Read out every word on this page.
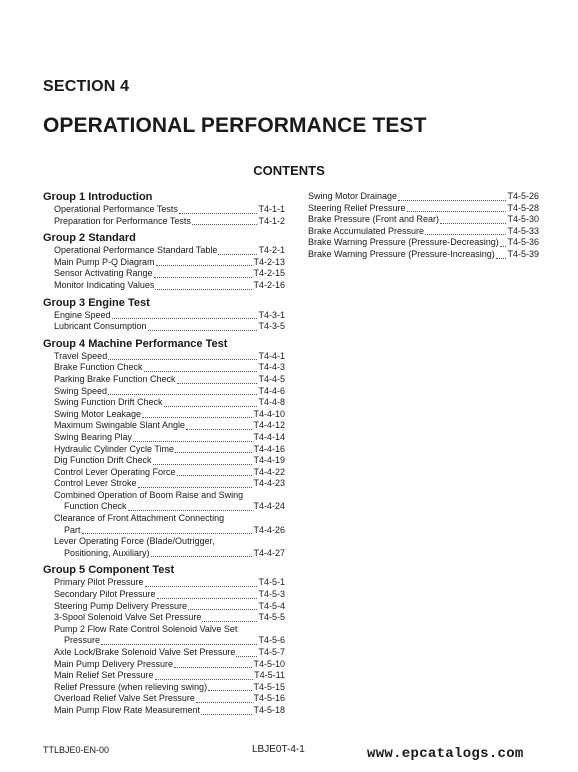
SECTION 4
OPERATIONAL PERFORMANCE TEST
CONTENTS
Group 1 Introduction
Operational Performance Tests	T4-1-1
Preparation for Performance Tests	T4-1-2
Group 2 Standard
Operational Performance Standard Table	T4-2-1
Main Pump P-Q Diagram	T4-2-13
Sensor Activating Range	T4-2-15
Monitor Indicating Values	T4-2-16
Group 3 Engine Test
Engine Speed	T4-3-1
Lubricant Consumption	T4-3-5
Group 4 Machine Performance Test
Travel Speed	T4-4-1
Brake Function Check	T4-4-3
Parking Brake Function Check	T4-4-5
Swing Speed	T4-4-6
Swing Function Drift Check	T4-4-8
Swing Motor Leakage	T4-4-10
Maximum Swingable Slant Angle	T4-4-12
Swing Bearing Play	T4-4-14
Hydraulic Cylinder Cycle Time	T4-4-16
Dig Function Drift Check	T4-4-19
Control Lever Operating Force	T4-4-22
Control Lever Stroke	T4-4-23
Combined Operation of Boom Raise and Swing
Function Check	T4-4-24
Clearance of Front Attachment Connecting
Part	T4-4-26
Lever Operating Force (Blade/Outrigger,
Positioning, Auxiliary)	T4-4-27
Group 5 Component Test
Primary Pilot Pressure	T4-5-1
Secondary Pilot Pressure	T4-5-3
Steering Pump Delivery Pressure	T4-5-4
3-Spool Solenoid Valve Set Pressure	T4-5-5
Pump 2 Flow Rate Control Solenoid Valve Set
Pressure	T4-5-6
Axle Lock/Brake Solenoid Valve Set Pressure	T4-5-7
Main Pump Delivery Pressure	T4-5-10
Main Relief Set Pressure	T4-5-11
Relief Pressure (when relieving swing)	T4-5-15
Overload Relief Valve Set Pressure	T4-5-16
Main Pump Flow Rate Measurement	T4-5-18
Swing Motor Drainage	T4-5-26
Steering Relief Pressure	T4-5-28
Brake Pressure (Front and Rear)	T4-5-30
Brake Accumulated Pressure	T4-5-33
Brake Warning Pressure (Pressure-Decreasing) T4-5-36
Brake Warning Pressure (Pressure-Increasing) T4-5-39
TTLBJE0-EN-00	LBJE0T-4-1	www.epcatalogs.com
